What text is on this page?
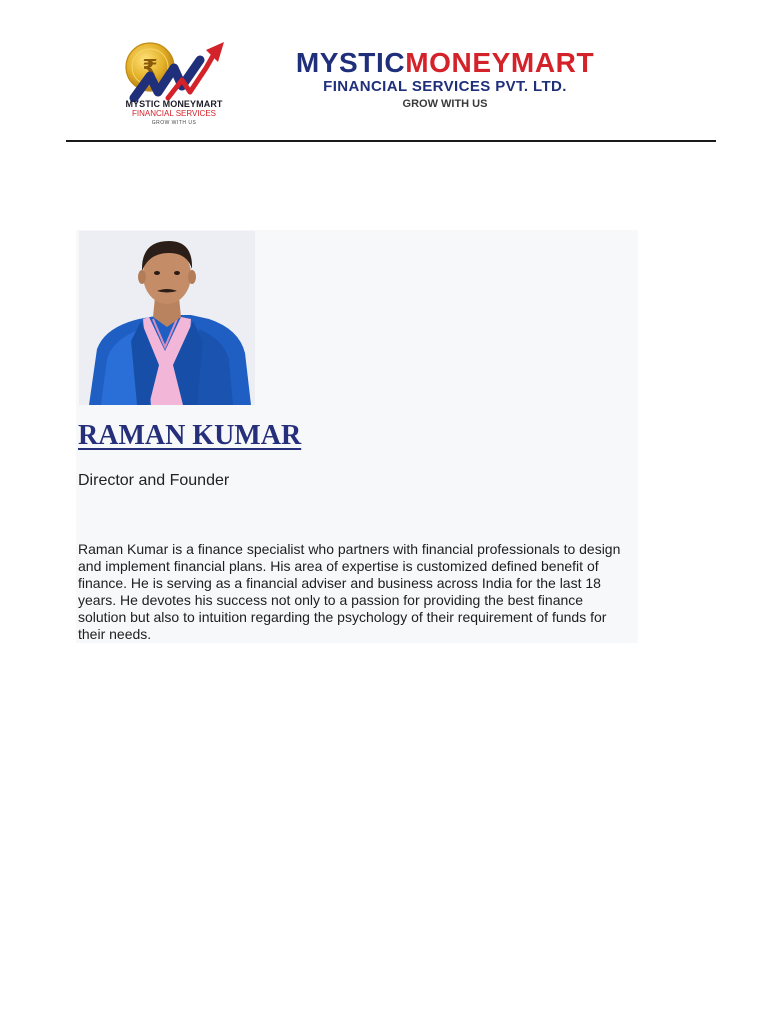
₹
MYSTIC MONEYMART
FINANCIAL SERVICES
GROW WITH US
MYSTICMONEYMART
FINANCIAL SERVICES PVT. LTD.
GROW WITH US
RAMAN KUMAR
Director and Founder

Raman Kumar is a finance specialist who partners with financial professionals to design and implement financial plans. His area of expertise is customized defined benefit of finance. He is serving as a financial adviser and business across India for the last 18 years. He devotes his success not only to a passion for providing the best finance solution but also to intuition regarding the psychology of their requirement of funds for their needs.
